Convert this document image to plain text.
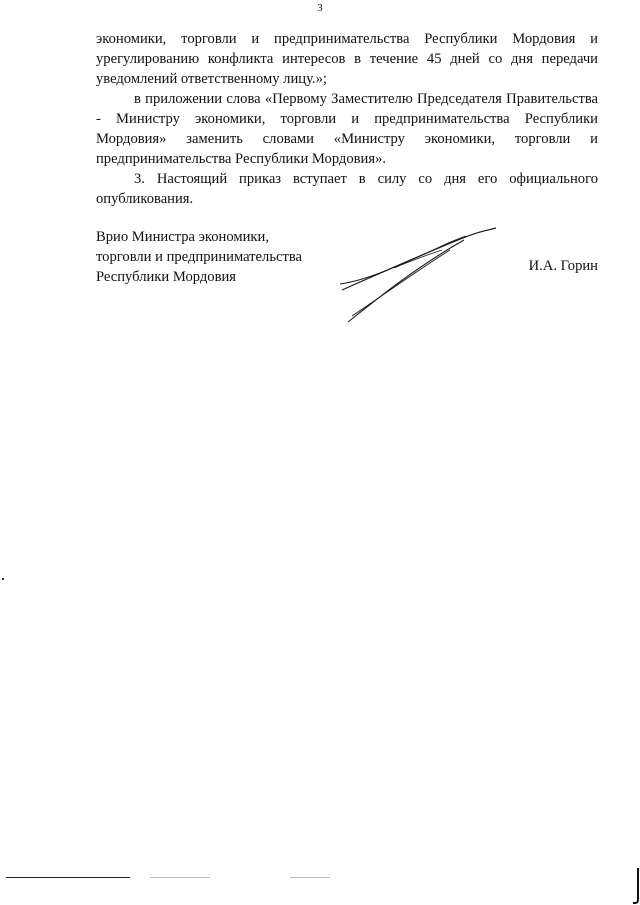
3

экономики, торговли и предпринимательства Республики Мордовия и урегулированию конфликта интересов в течение 45 дней со дня передачи уведомлений ответственному лицу.»;

в приложении слова «Первому Заместителю Председателя Правительства - Министру экономики, торговли и предпринимательства Республики Мордовия» заменить словами «Министру экономики, торговли и предпринимательства Республики Мордовия».

3. Настоящий приказ вступает в силу со дня его официального опубликования.

Врио Министра экономики,
торговли и предпринимательства
Республики Мордовия
И.А. Горин
